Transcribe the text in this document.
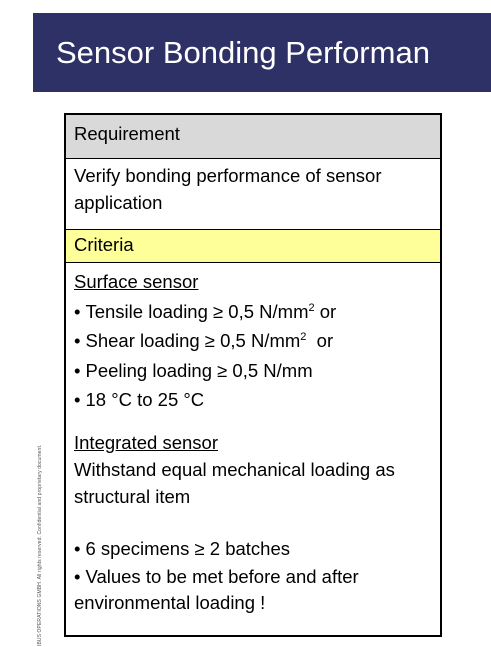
Sensor Bonding Performan
IBUS OPERATIONS GMBH. All rights reserved. Confidential and proprietary document.
Requirement
Verify bonding performance of sensor application
Criteria
Surface sensor
• Tensile loading ≥ 0,5 $N/mm^2$ or
• Shear loading ≥ 0,5 $N/mm^2$  or
• Peeling loading ≥ 0,5 N/mm
• 18 °C to 25 °C
Integrated sensor
Withstand equal mechanical loading as structural item
• 6 specimens ≥ 2 batches
• Values to be met before and after environmental loading !
